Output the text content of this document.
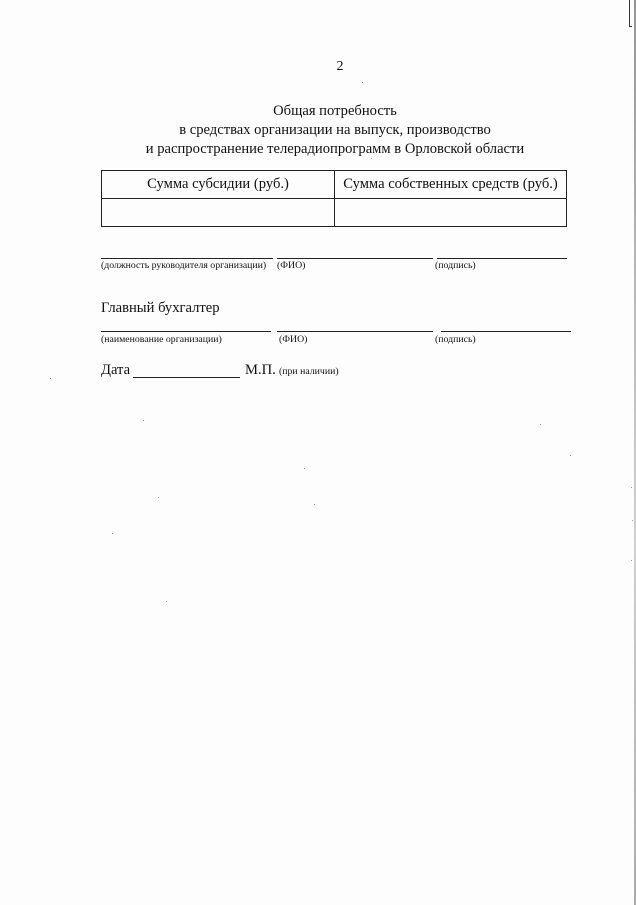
2
Общая потребность
в средствах организации на выпуск, производство
и распространение телерадиопрограмм в Орловской области
Сумма субсидии (руб.)	Сумма собственных средств (руб.)

(должность руководителя организации) (ФИО)	(подпись)
Главный бухгалтер
(наименование организации)	(ФИО)	(подпись)
Дата	М.П. (при наличии)
